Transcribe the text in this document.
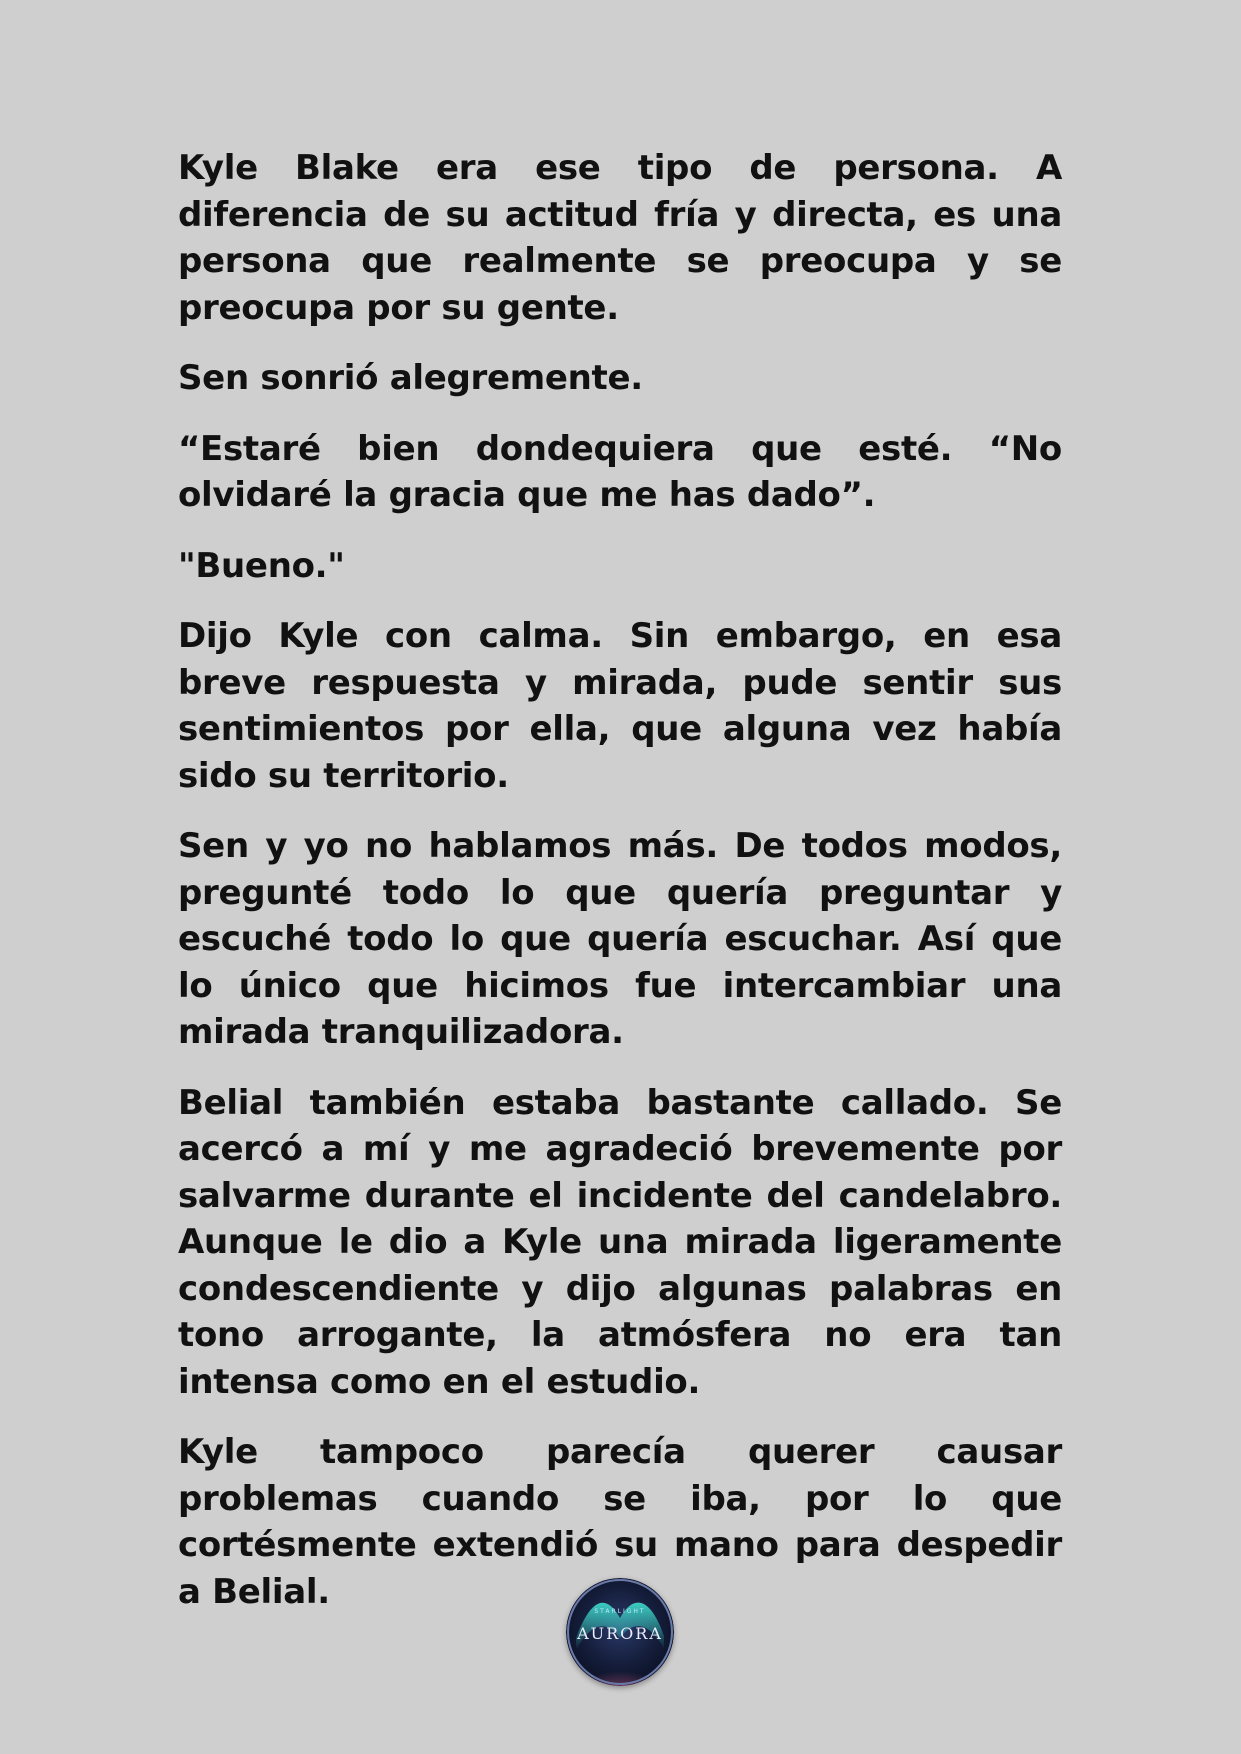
Kyle Blake era ese tipo de persona. A diferencia de su actitud fría y directa, es una persona que realmente se preocupa y se preocupa por su gente.

Sen sonrió alegremente.

“Estaré bien dondequiera que esté. “No olvidaré la gracia que me has dado”.

"Bueno."

Dijo Kyle con calma. Sin embargo, en esa breve respuesta y mirada, pude sentir sus sentimientos por ella, que alguna vez había sido su territorio.

Sen y yo no hablamos más. De todos modos, pregunté todo lo que quería preguntar y escuché todo lo que quería escuchar. Así que lo único que hicimos fue intercambiar una mirada tranquilizadora.

Belial también estaba bastante callado. Se acercó a mí y me agradeció brevemente por salvarme durante el incidente del candelabro. Aunque le dio a Kyle una mirada ligeramente condescendiente y dijo algunas palabras en tono arrogante, la atmósfera no era tan intensa como en el estudio.

Kyle tampoco parecía querer causar problemas cuando se iba, por lo que cortésmente extendió su mano para despedir a Belial.	STARLIGHT
AURORA
